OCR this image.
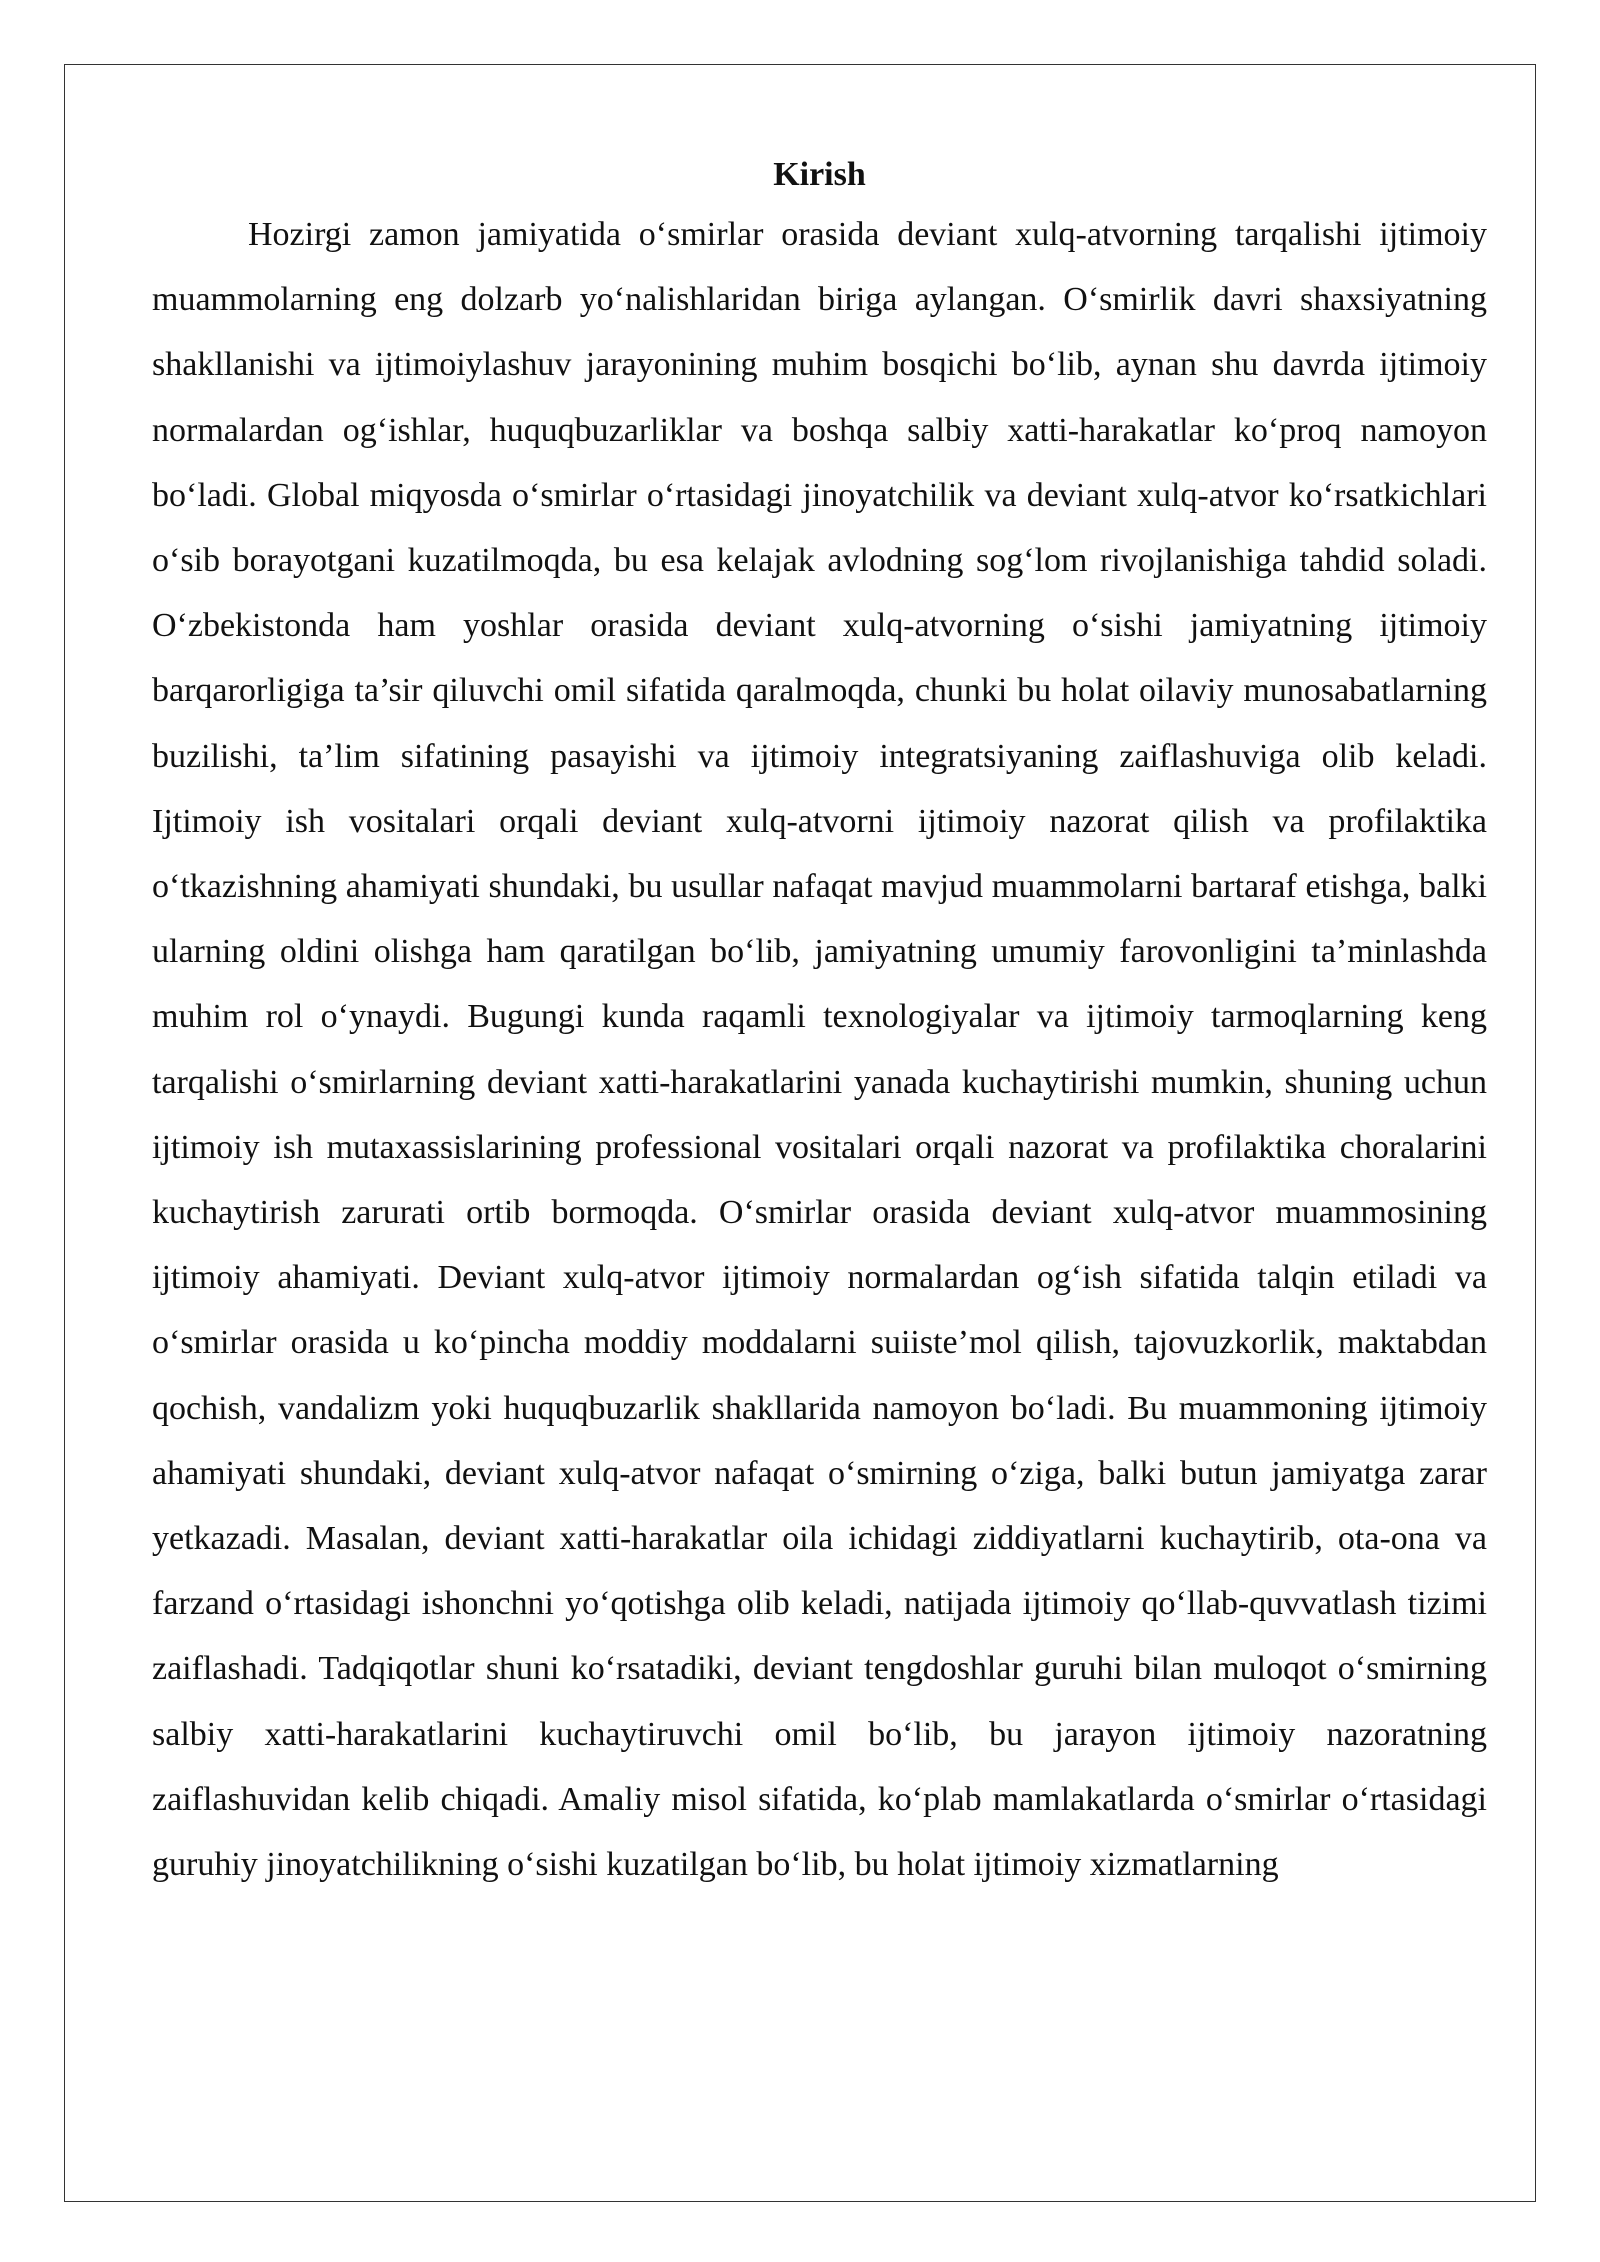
Kirish

Hozirgi zamon jamiyatida oʻsmirlar orasida deviant xulq-atvorning tarqalishi ijtimoiy muammolarning eng dolzarb yoʻnalishlaridan biriga aylangan. Oʻsmirlik davri shaxsiyatning shakllanishi va ijtimoiylashuv jarayonining muhim bosqichi boʻlib, aynan shu davrda ijtimoiy normalardan ogʻishlar, huquqbuzarliklar va boshqa salbiy xatti-harakatlar koʻproq namoyon boʻladi. Global miqyosda oʻsmirlar oʻrtasidagi jinoyatchilik va deviant xulq-atvor koʻrsatkichlari oʻsib borayotgani kuzatilmoqda, bu esa kelajak avlodning sogʻlom rivojlanishiga tahdid soladi. Oʻzbekistonda ham yoshlar orasida deviant xulq-atvorning oʻsishi jamiyatning ijtimoiy barqarorligiga ta’sir qiluvchi omil sifatida qaralmoqda, chunki bu holat oilaviy munosabatlarning buzilishi, ta’lim sifatining pasayishi va ijtimoiy integratsiyaning zaiflashuviga olib keladi. Ijtimoiy ish vositalari orqali deviant xulq-atvorni ijtimoiy nazorat qilish va profilaktika oʻtkazishning ahamiyati shundaki, bu usullar nafaqat mavjud muammolarni bartaraf etishga, balki ularning oldini olishga ham qaratilgan boʻlib, jamiyatning umumiy farovonligini ta’minlashda muhim rol oʻynaydi. Bugungi kunda raqamli texnologiyalar va ijtimoiy tarmoqlarning keng tarqalishi oʻsmirlarning deviant xatti-harakatlarini yanada kuchaytirishi mumkin, shuning uchun ijtimoiy ish mutaxassislarining professional vositalari orqali nazorat va profilaktika choralarini kuchaytirish zarurati ortib bormoqda. Oʻsmirlar orasida deviant xulq-atvor muammosining ijtimoiy ahamiyati. Deviant xulq-atvor ijtimoiy normalardan ogʻish sifatida talqin etiladi va oʻsmirlar orasida u koʻpincha moddiy moddalarni suiiste’mol qilish, tajovuzkorlik, maktabdan qochish, vandalizm yoki huquqbuzarlik shakllarida namoyon boʻladi. Bu muammoning ijtimoiy ahamiyati shundaki, deviant xulq-atvor nafaqat oʻsmirning oʻziga, balki butun jamiyatga zarar yetkazadi. Masalan, deviant xatti-harakatlar oila ichidagi ziddiyatlarni kuchaytirib, ota-ona va farzand oʻrtasidagi ishonchni yoʻqotishga olib keladi, natijada ijtimoiy qoʻllab-quvvatlash tizimi zaiflashadi. Tadqiqotlar shuni koʻrsatadiki, deviant tengdoshlar guruhi bilan muloqot oʻsmirning salbiy xatti-harakatlarini kuchaytiruvchi omil boʻlib, bu jarayon ijtimoiy nazoratning zaiflashuvidan kelib chiqadi. Amaliy misol sifatida, koʻplab mamlakatlarda oʻsmirlar oʻrtasidagi guruhiy jinoyatchilikning oʻsishi kuzatilgan boʻlib, bu holat ijtimoiy xizmatlarning
